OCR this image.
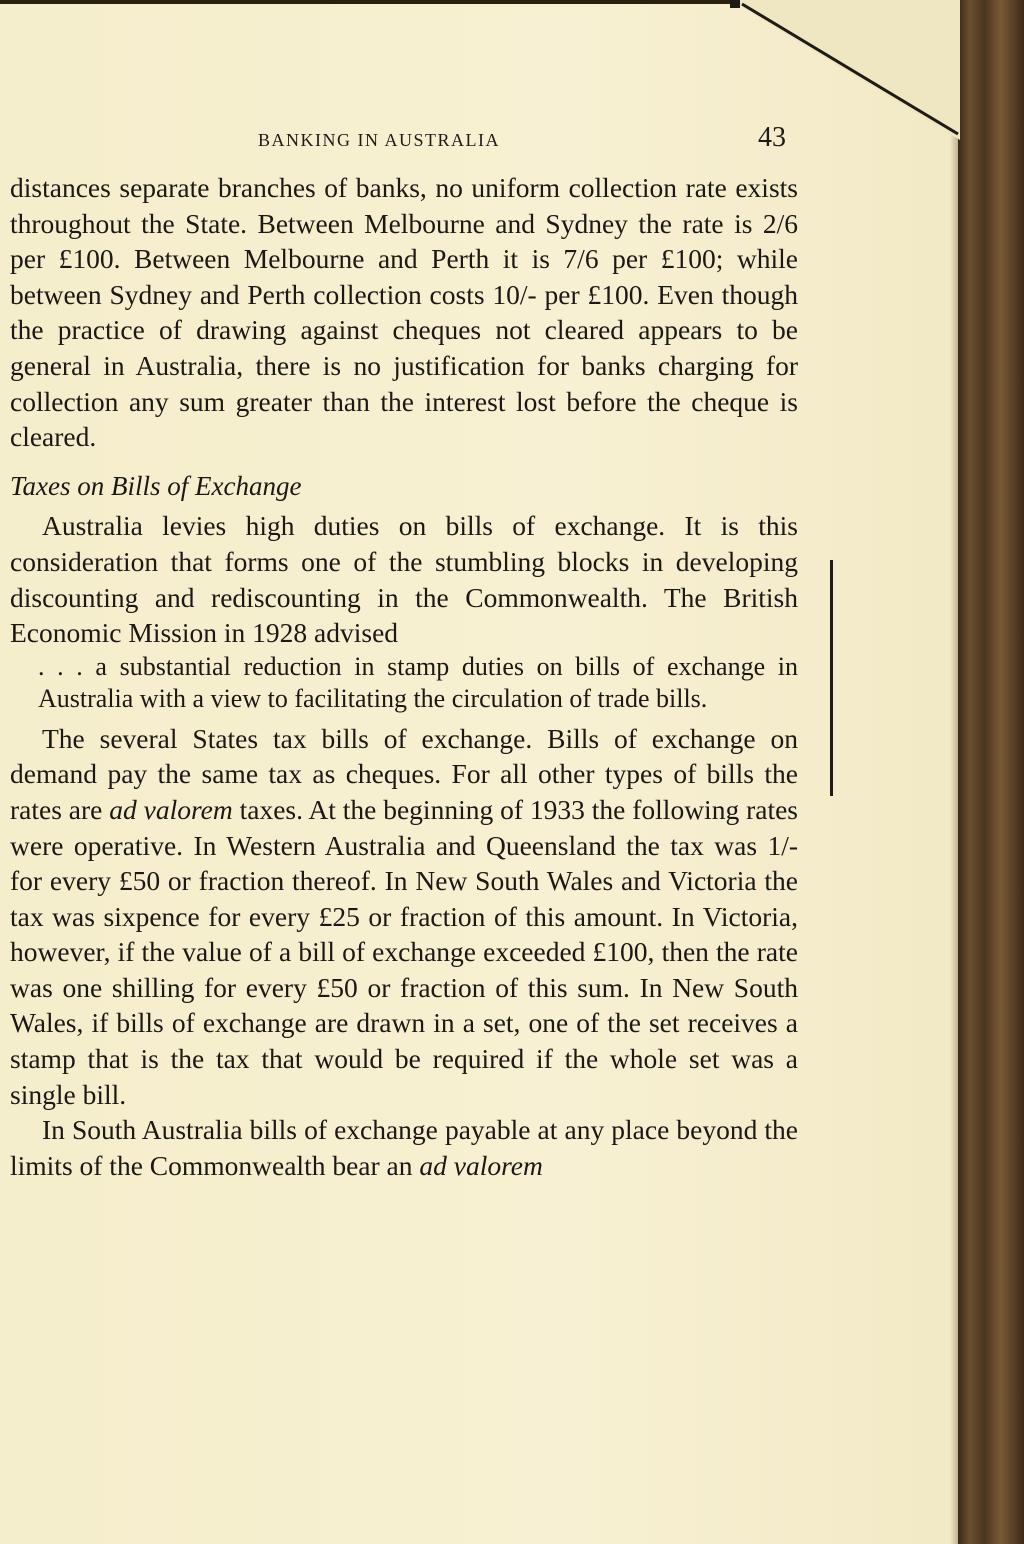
BANKING IN AUSTRALIA	43

distances separate branches of banks, no uniform collection rate exists throughout the State. Between Melbourne and Sydney the rate is 2/6 per £100. Between Melbourne and Perth it is 7/6 per £100; while between Sydney and Perth collection costs 10/- per £100. Even though the practice of drawing against cheques not cleared appears to be general in Australia, there is no justification for banks charging for collection any sum greater than the interest lost before the cheque is cleared.

Taxes on Bills of Exchange

Australia levies high duties on bills of exchange. It is this consideration that forms one of the stumbling blocks in developing discounting and rediscounting in the Commonwealth. The British Economic Mission in 1928 advised

. . . a substantial reduction in stamp duties on bills of exchange in Australia with a view to facilitating the circulation of trade bills.

The several States tax bills of exchange. Bills of exchange on demand pay the same tax as cheques. For all other types of bills the rates are ad valorem taxes. At the beginning of 1933 the following rates were operative. In Western Australia and Queensland the tax was 1/- for every £50 or fraction thereof. In New South Wales and Victoria the tax was sixpence for every £25 or fraction of this amount. In Victoria, however, if the value of a bill of exchange exceeded £100, then the rate was one shilling for every £50 or fraction of this sum. In New South Wales, if bills of exchange are drawn in a set, one of the set receives a stamp that is the tax that would be required if the whole set was a single bill.

In South Australia bills of exchange payable at any place beyond the limits of the Commonwealth bear an ad valorem
